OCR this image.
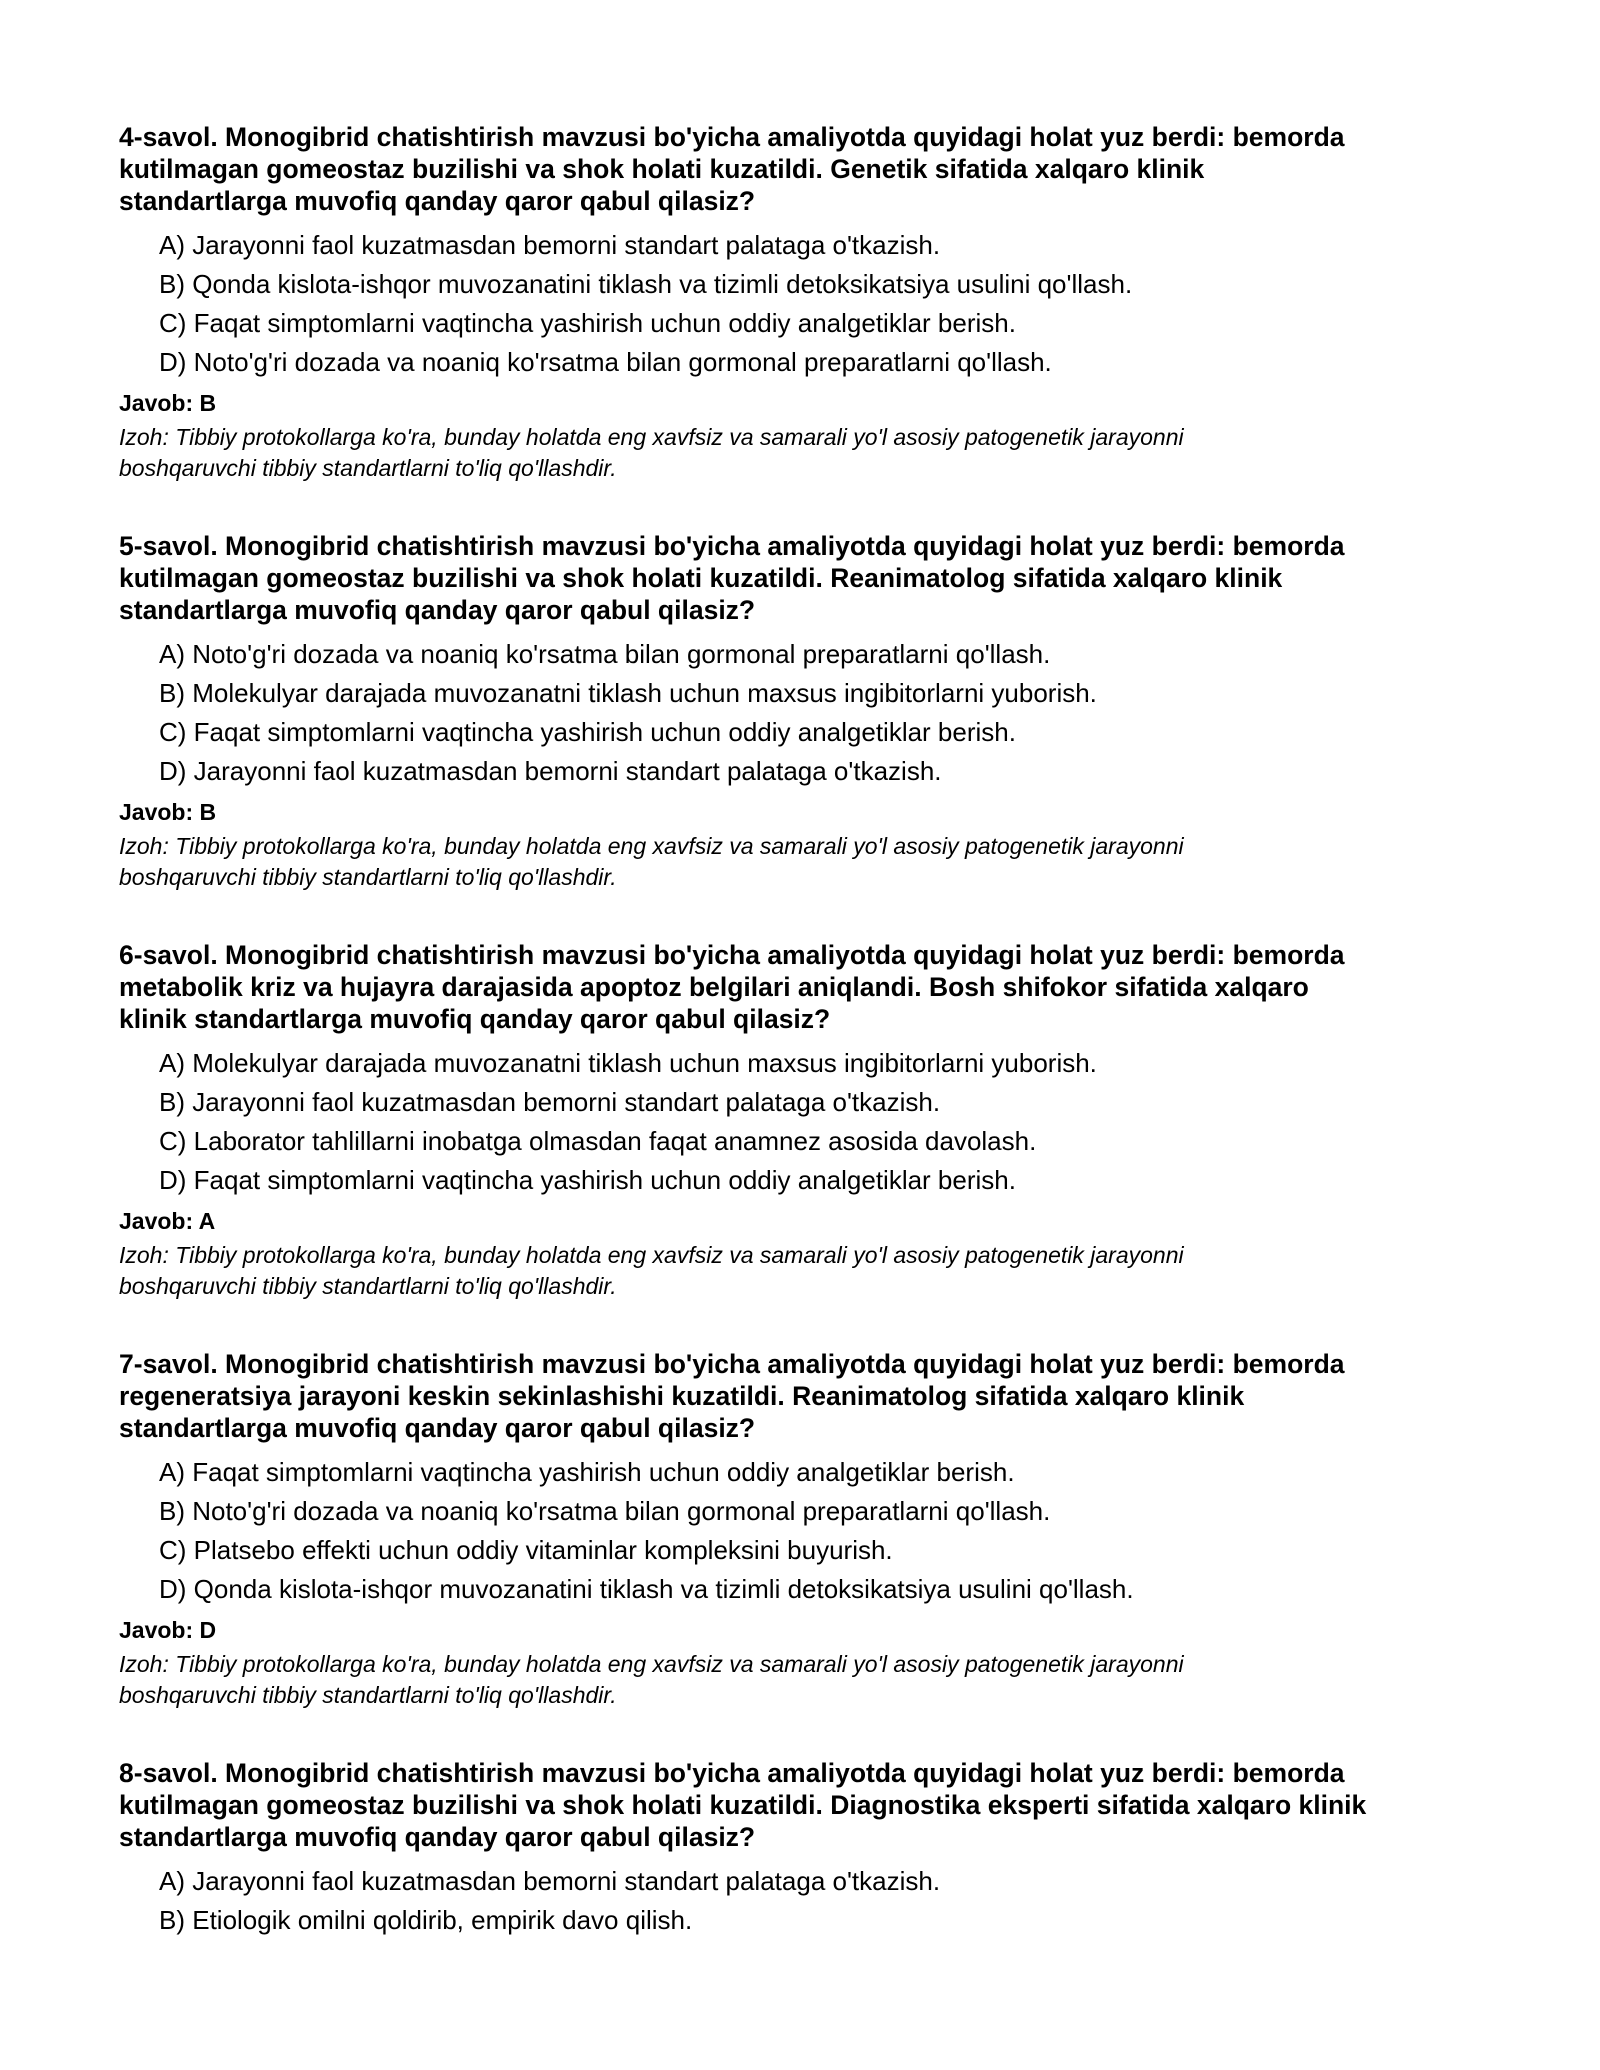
4-savol. Monogibrid chatishtirish mavzusi bo'yicha amaliyotda quyidagi holat yuz berdi: bemorda
kutilmagan gomeostaz buzilishi va shok holati kuzatildi. Genetik sifatida xalqaro klinik
standartlarga muvofiq qanday qaror qabul qilasiz?

A) Jarayonni faol kuzatmasdan bemorni standart palataga o'tkazish.
B) Qonda kislota-ishqor muvozanatini tiklash va tizimli detoksikatsiya usulini qo'llash.
C) Faqat simptomlarni vaqtincha yashirish uchun oddiy analgetiklar berish.
D) Noto'g'ri dozada va noaniq ko'rsatma bilan gormonal preparatlarni qo'llash.
Javob: B
Izoh: Tibbiy protokollarga ko'ra, bunday holatda eng xavfsiz va samarali yo'l asosiy patogenetik jarayonni
boshqaruvchi tibbiy standartlarni to'liq qo'llashdir.

5-savol. Monogibrid chatishtirish mavzusi bo'yicha amaliyotda quyidagi holat yuz berdi: bemorda
kutilmagan gomeostaz buzilishi va shok holati kuzatildi. Reanimatolog sifatida xalqaro klinik
standartlarga muvofiq qanday qaror qabul qilasiz?

A) Noto'g'ri dozada va noaniq ko'rsatma bilan gormonal preparatlarni qo'llash.
B) Molekulyar darajada muvozanatni tiklash uchun maxsus ingibitorlarni yuborish.
C) Faqat simptomlarni vaqtincha yashirish uchun oddiy analgetiklar berish.
D) Jarayonni faol kuzatmasdan bemorni standart palataga o'tkazish.
Javob: B
Izoh: Tibbiy protokollarga ko'ra, bunday holatda eng xavfsiz va samarali yo'l asosiy patogenetik jarayonni
boshqaruvchi tibbiy standartlarni to'liq qo'llashdir.

6-savol. Monogibrid chatishtirish mavzusi bo'yicha amaliyotda quyidagi holat yuz berdi: bemorda
metabolik kriz va hujayra darajasida apoptoz belgilari aniqlandi. Bosh shifokor sifatida xalqaro
klinik standartlarga muvofiq qanday qaror qabul qilasiz?

A) Molekulyar darajada muvozanatni tiklash uchun maxsus ingibitorlarni yuborish.
B) Jarayonni faol kuzatmasdan bemorni standart palataga o'tkazish.
C) Laborator tahlillarni inobatga olmasdan faqat anamnez asosida davolash.
D) Faqat simptomlarni vaqtincha yashirish uchun oddiy analgetiklar berish.
Javob: A
Izoh: Tibbiy protokollarga ko'ra, bunday holatda eng xavfsiz va samarali yo'l asosiy patogenetik jarayonni
boshqaruvchi tibbiy standartlarni to'liq qo'llashdir.

7-savol. Monogibrid chatishtirish mavzusi bo'yicha amaliyotda quyidagi holat yuz berdi: bemorda
regeneratsiya jarayoni keskin sekinlashishi kuzatildi. Reanimatolog sifatida xalqaro klinik
standartlarga muvofiq qanday qaror qabul qilasiz?

A) Faqat simptomlarni vaqtincha yashirish uchun oddiy analgetiklar berish.
B) Noto'g'ri dozada va noaniq ko'rsatma bilan gormonal preparatlarni qo'llash.
C) Platsebo effekti uchun oddiy vitaminlar kompleksini buyurish.
D) Qonda kislota-ishqor muvozanatini tiklash va tizimli detoksikatsiya usulini qo'llash.
Javob: D
Izoh: Tibbiy protokollarga ko'ra, bunday holatda eng xavfsiz va samarali yo'l asosiy patogenetik jarayonni
boshqaruvchi tibbiy standartlarni to'liq qo'llashdir.

8-savol. Monogibrid chatishtirish mavzusi bo'yicha amaliyotda quyidagi holat yuz berdi: bemorda
kutilmagan gomeostaz buzilishi va shok holati kuzatildi. Diagnostika eksperti sifatida xalqaro klinik
standartlarga muvofiq qanday qaror qabul qilasiz?

A) Jarayonni faol kuzatmasdan bemorni standart palataga o'tkazish.
B) Etiologik omilni qoldirib, empirik davo qilish.
